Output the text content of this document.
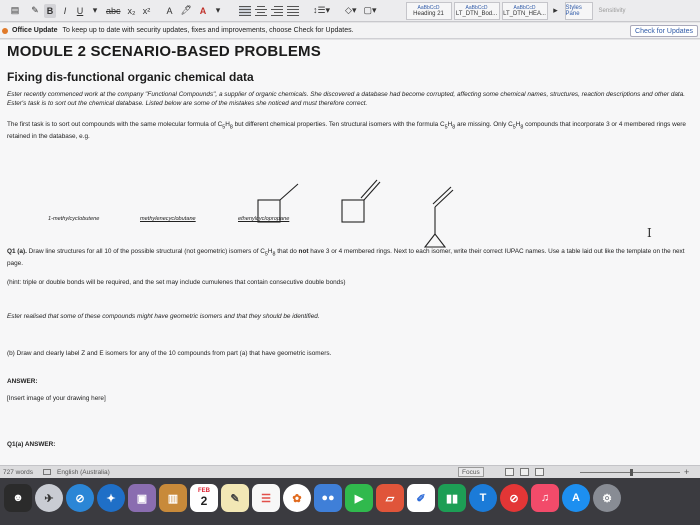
▤	✎ B	I	U	▾ abc x₂ x²	A 🖊 A	▾	↕☰▾ ◇▾ ▢▾	AaBbCcD
Heading 21
AaBbCcD
LT_DTN_Bod...
AaBbCcD
LT_DTN_HEA... ▸	Styles Pane	Sensitivity
Office Update To keep up to date with security updates, fixes and improvements, choose Check for Updates.	Check for Updates
MODULE 2 SCENARIO-BASED PROBLEMS
Fixing dis-functional organic chemical data
Ester recently commenced work at the company "Functional Compounds", a supplier of organic chemicals. She discovered a database had become corrupted, affecting some chemical names, structures, reaction descriptions and other data. Ester's task is to sort out the chemical database. Listed below are some of the mistakes she noticed and must therefore correct.
The first task is to sort out compounds with the same molecular formula of $C_5H_8$ but different chemical properties. Ten structural isomers with the formula $C_5H_8$ are missing. Only $C_5H_8$ compounds that incorporate 3 or 4 membered rings were retained in the database, e.g.
1-methylcyclobutene	methylenecyclobutane	ethenylcyclopropane
Q1 (a). Draw line structures for all 10 of the possible structural (not geometric) isomers of $C_5H_8$ that do not have 3 or 4 membered rings. Next to each isomer, write their correct IUPAC names. Use a table laid out like the template on the next page.
(hint: triple or double bonds will be required, and the set may include cumulenes that contain consecutive double bonds)
Ester realised that some of these compounds might have geometric isomers and that they should be identified.
(b) Draw and clearly label Z and E isomers for any of the 10 compounds from part (a) that have geometric isomers.
ANSWER:
[Insert image of your drawing here]
Q1(a) ANSWER:
I
727 words	English (Australia)	Focus	+
☻	✈	⊘	✦	▣	▥
FEB
2	✎	☰	✿	●●	▶	▱	✐	▮▮	T	⊘	♫	A	⚙
